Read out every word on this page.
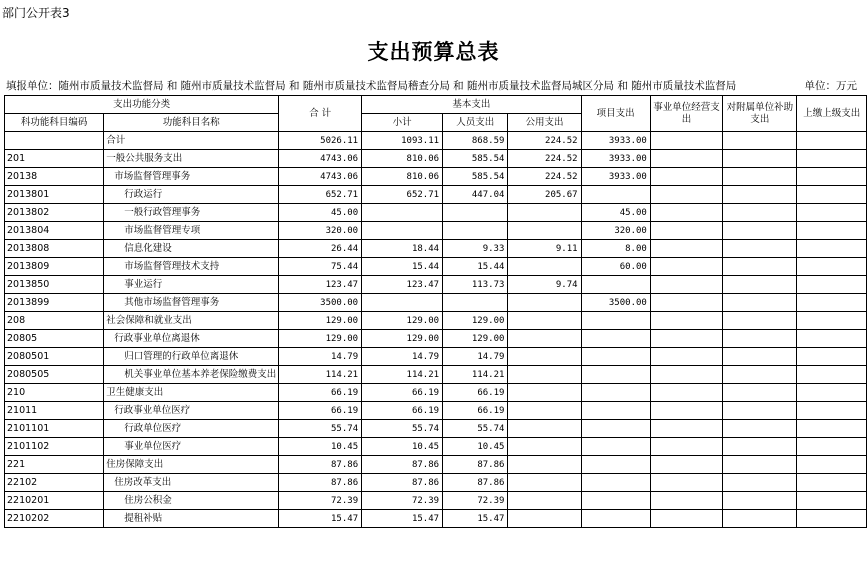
部门公开表3
支出预算总表
填报单位：随州市质量技术监督局 和 随州市质量技术监督局 和 随州市质量技术监督局稽查分局 和 随州市质量技术监督局城区分局 和 随州市质量技术监督局	单位：万元
支出功能分类		合 计	基本支出			项目支出	事业单位经营支出	对附属单位补助支出	上缴上级支出
科功能科目编码	功能科目名称		小计	人员支出	公用支出				
	合计	5026.11	1093.11	868.59	224.52	3933.00			
201	一般公共服务支出	4743.06	810.06	585.54	224.52	3933.00			
20138	市场监督管理事务	4743.06	810.06	585.54	224.52	3933.00			
2013801	行政运行	652.71	652.71	447.04	205.67				
2013802	一般行政管理事务	45.00				45.00			
2013804	市场监督管理专项	320.00				320.00			
2013808	信息化建设	26.44	18.44	9.33	9.11	8.00			
2013809	市场监督管理技术支持	75.44	15.44	15.44		60.00			
2013850	事业运行	123.47	123.47	113.73	9.74				
2013899	其他市场监督管理事务	3500.00				3500.00			
208	社会保障和就业支出	129.00	129.00	129.00					
20805	行政事业单位离退休	129.00	129.00	129.00					
2080501	归口管理的行政单位离退休	14.79	14.79	14.79					
2080505	机关事业单位基本养老保险缴费支出	114.21	114.21	114.21					
210	卫生健康支出	66.19	66.19	66.19					
21011	行政事业单位医疗	66.19	66.19	66.19					
2101101	行政单位医疗	55.74	55.74	55.74					
2101102	事业单位医疗	10.45	10.45	10.45					
221	住房保障支出	87.86	87.86	87.86					
22102	住房改革支出	87.86	87.86	87.86					
2210201	住房公积金	72.39	72.39	72.39					
2210202	提租补贴	15.47	15.47	15.47					
